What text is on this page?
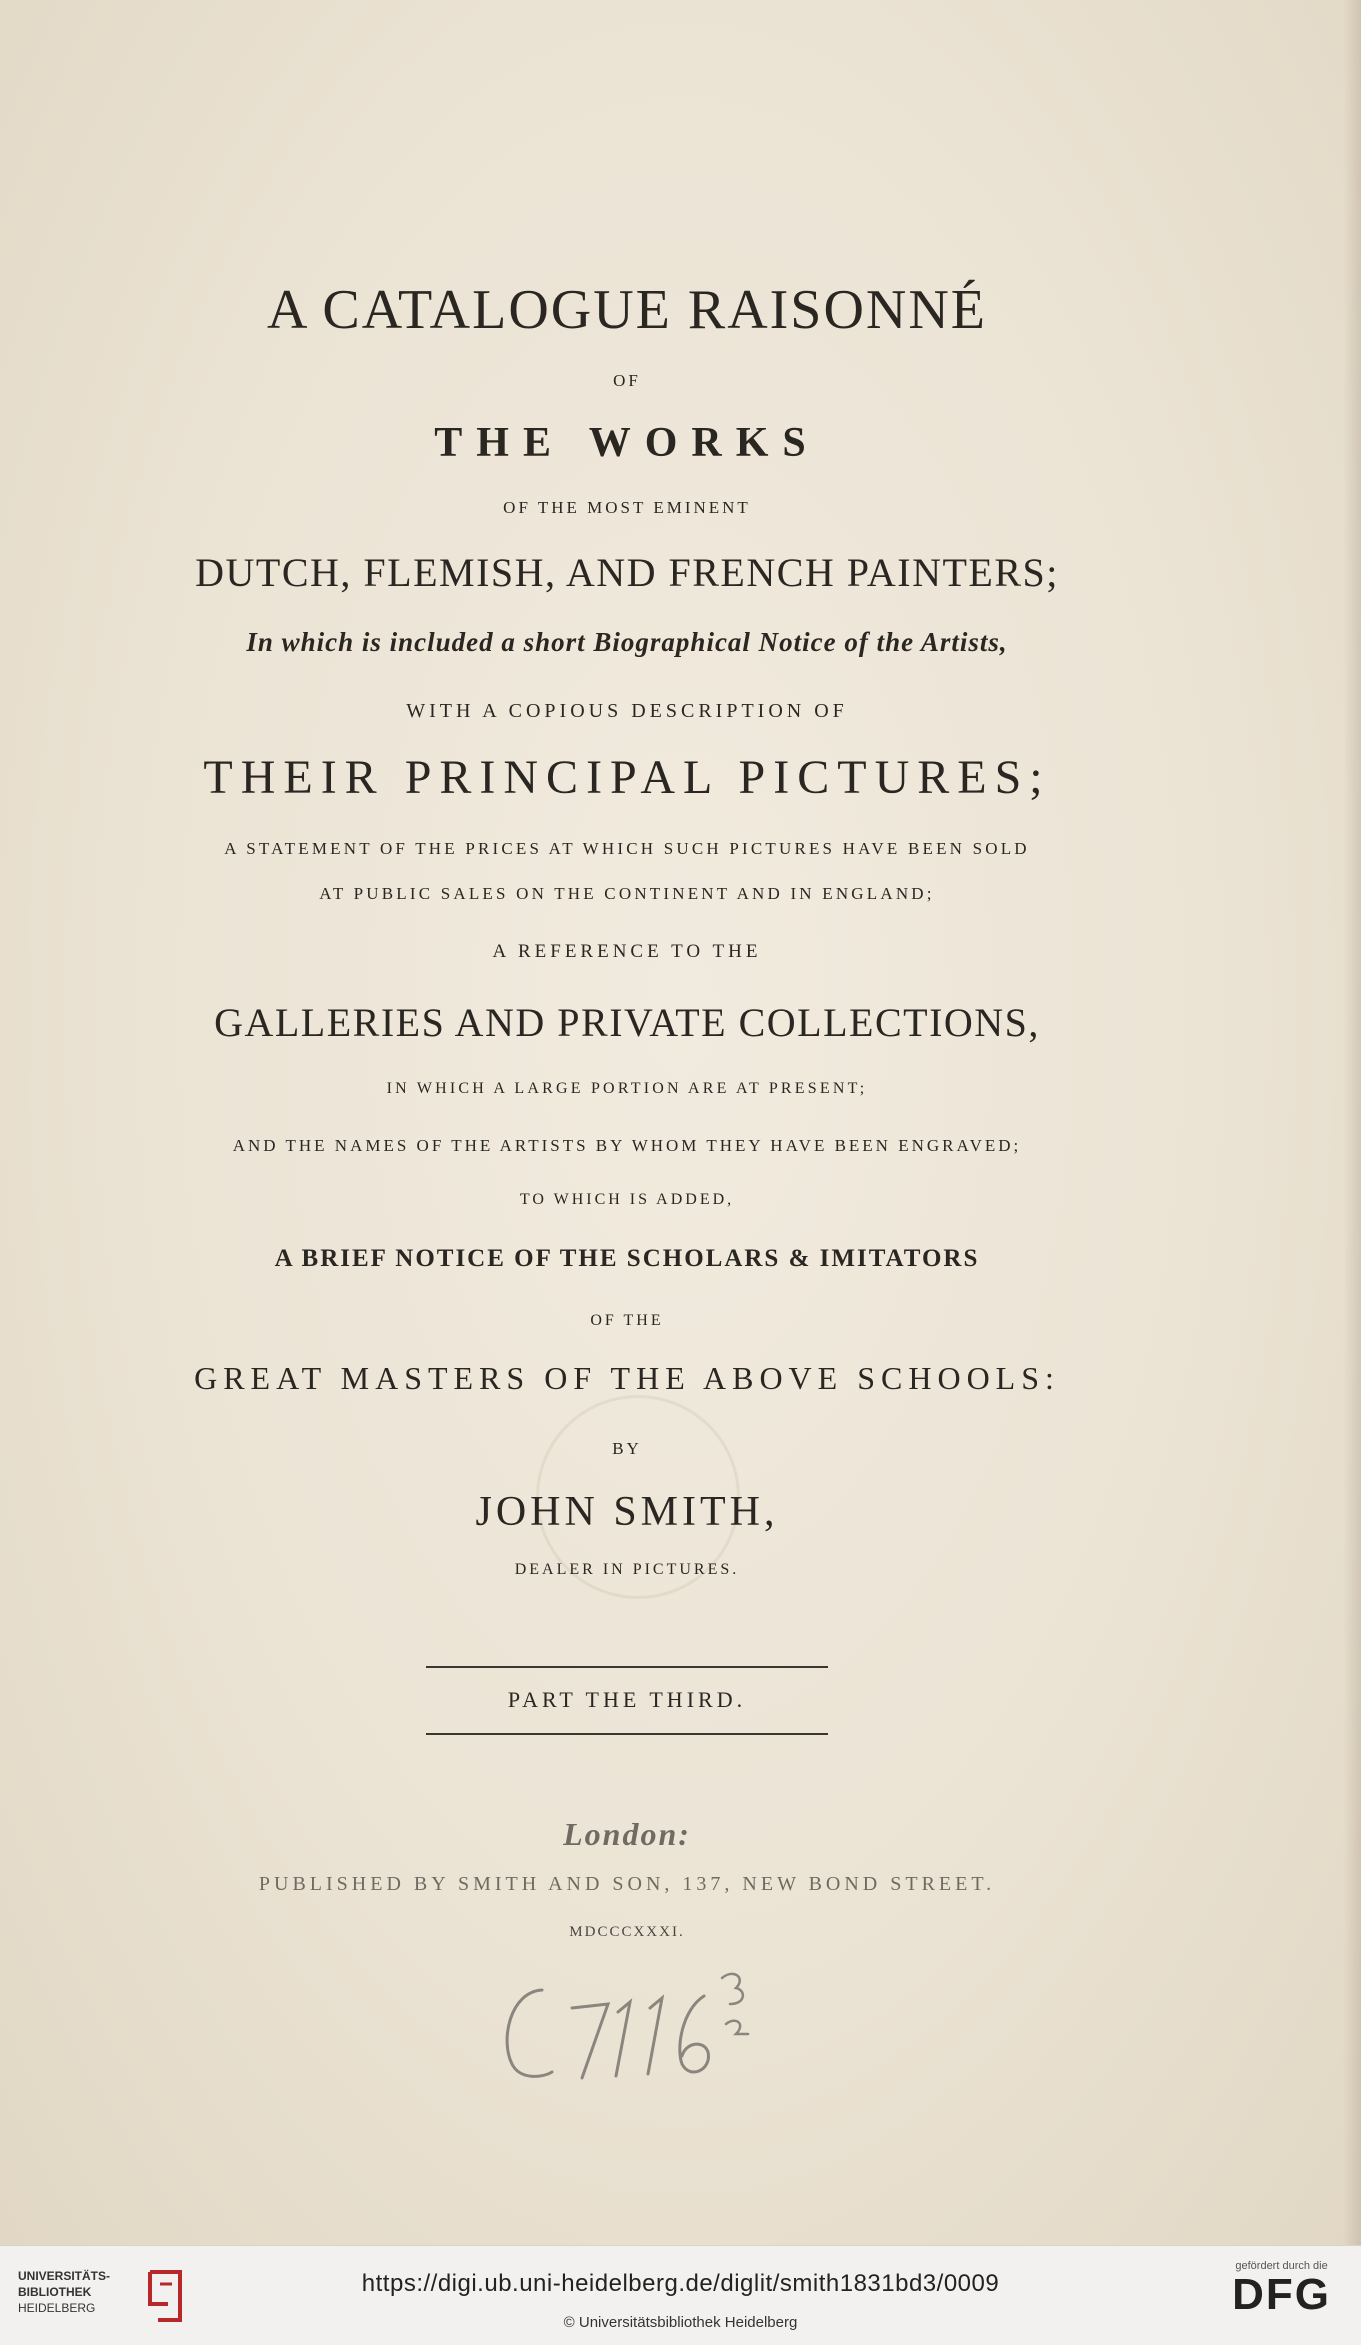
A CATALOGUE RAISONNÉ
OF
THE WORKS
OF THE MOST EMINENT
DUTCH, FLEMISH, AND FRENCH PAINTERS;
In which is included a short Biographical Notice of the Artists,
WITH A COPIOUS DESCRIPTION OF
THEIR PRINCIPAL PICTURES;
A STATEMENT OF THE PRICES AT WHICH SUCH PICTURES HAVE BEEN SOLD
AT PUBLIC SALES ON THE CONTINENT AND IN ENGLAND;
A REFERENCE TO THE
GALLERIES AND PRIVATE COLLECTIONS,
IN WHICH A LARGE PORTION ARE AT PRESENT;
AND THE NAMES OF THE ARTISTS BY WHOM THEY HAVE BEEN ENGRAVED;
TO WHICH IS ADDED,
A BRIEF NOTICE OF THE SCHOLARS & IMITATORS
OF THE
GREAT MASTERS OF THE ABOVE SCHOOLS:
BY
JOHN SMITH,
DEALER IN PICTURES.
PART THE THIRD.
London:
PUBLISHED BY SMITH AND SON, 137, NEW BOND STREET.
MDCCCXXXI.
UNIVERSITÄTS-
BIBLIOTHEK
HEIDELBERG
https://digi.ub.uni-heidelberg.de/diglit/smith1831bd3/0009
© Universitätsbibliothek Heidelberg
gefördert durch die
DFG
